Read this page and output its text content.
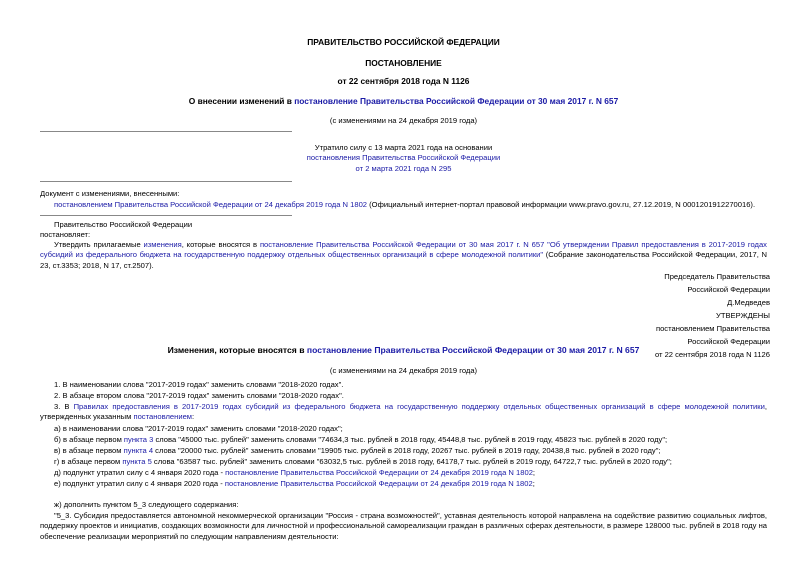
ПРАВИТЕЛЬСТВО РОССИЙСКОЙ ФЕДЕРАЦИИ
ПОСТАНОВЛЕНИЕ
от 22 сентября 2018 года N 1126
О внесении изменений в постановление Правительства Российской Федерации от 30 мая 2017 г. N 657
(с изменениями на 24 декабря 2019 года)
Утратило силу с 13 марта 2021 года на основании
постановления Правительства Российской Федерации
от 2 марта 2021 года N 295
Документ с изменениями, внесенными:
постановлением Правительства Российской Федерации от 24 декабря 2019 года N 1802 (Официальный интернет-портал правовой информации www.pravo.gov.ru, 27.12.2019, N 0001201912270016).
Правительство Российской Федерации
постановляет:
Утвердить прилагаемые изменения, которые вносятся в постановление Правительства Российской Федерации от 30 мая 2017 г. N 657 "Об утверждении Правил предоставления в 2017-2019 годах субсидий из федерального бюджета на государственную поддержку отдельных общественных организаций в сфере молодежной политики" (Собрание законодательства Российской Федерации, 2017, N 23, ст.3353; 2018, N 17, ст.2507).
Председатель Правительства
Российской Федерации
Д.Медведев
УТВЕРЖДЕНЫ
постановлением Правительства
Российской Федерации
от 22 сентября 2018 года N 1126
Изменения, которые вносятся в постановление Правительства Российской Федерации от 30 мая 2017 г. N 657
(с изменениями на 24 декабря 2019 года)
1. В наименовании слова "2017-2019 годах" заменить словами "2018-2020 годах".
2. В абзаце втором слова "2017-2019 годах" заменить словами "2018-2020 годах".
3. В Правилах предоставления в 2017-2019 годах субсидий из федерального бюджета на государственную поддержку отдельных общественных организаций в сфере молодежной политики, утвержденных указанным постановлением:
а) в наименовании слова "2017-2019 годах" заменить словами "2018-2020 годах";
б) в абзаце первом пункта 3 слова "45000 тыс. рублей" заменить словами "74634,3 тыс. рублей в 2018 году, 45448,8 тыс. рублей в 2019 году, 45823 тыс. рублей в 2020 году";
в) в абзаце первом пункта 4 слова "20000 тыс. рублей" заменить словами "19905 тыс. рублей в 2018 году, 20267 тыс. рублей в 2019 году, 20438,8 тыс. рублей в 2020 году";
г) в абзаце первом пункта 5 слова "63587 тыс. рублей" заменить словами "63032,5 тыс. рублей в 2018 году, 64178,7 тыс. рублей в 2019 году, 64722,7 тыс. рублей в 2020 году";
д) подпункт утратил силу с 4 января 2020 года - постановление Правительства Российской Федерации от 24 декабря 2019 года N 1802;
е) подпункт утратил силу с 4 января 2020 года - постановление Правительства Российской Федерации от 24 декабря 2019 года N 1802;
ж) дополнить пунктом 5_3 следующего содержания:
"5_3. Субсидия предоставляется автономной некоммерческой организации "Россия - страна возможностей", уставная деятельность которой направлена на содействие развитию социальных лифтов, поддержку проектов и инициатив, создающих возможности для личностной и профессиональной самореализации граждан в различных сферах деятельности, в размере 128000 тыс. рублей в 2018 году на обеспечение реализации мероприятий по следующим направлениям деятельности:
